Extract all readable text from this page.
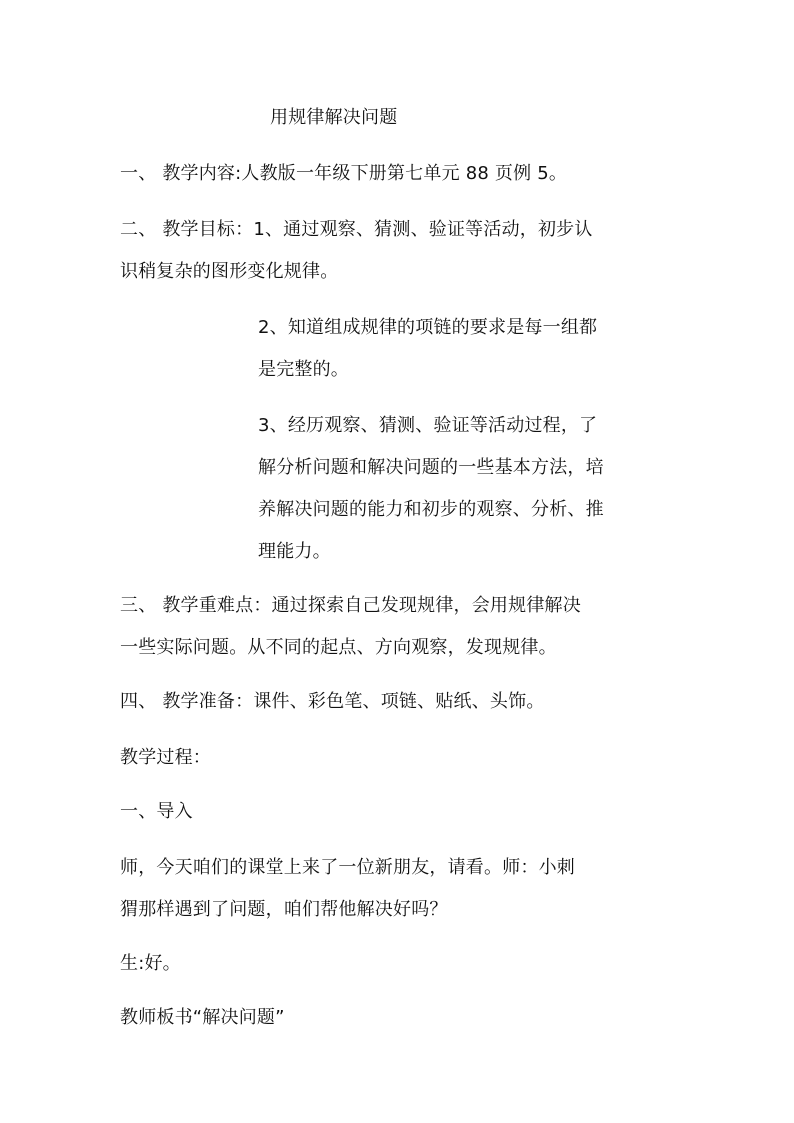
用规律解决问题
一、 教学内容:人教版一年级下册第七单元 88 页例 5。
二、 教学目标：1、通过观察、猜测、验证等活动，初步认
识稍复杂的图形变化规律。
2、知道组成规律的项链的要求是每一组都
是完整的。
3、经历观察、猜测、验证等活动过程，了
解分析问题和解决问题的一些基本方法，培
养解决问题的能力和初步的观察、分析、推
理能力。
三、 教学重难点：通过探索自己发现规律，会用规律解决
一些实际问题。从不同的起点、方向观察，发现规律。
四、 教学准备：课件、彩色笔、项链、贴纸、头饰。
教学过程：
一、导入
师，今天咱们的课堂上来了一位新朋友，请看。师：小刺
猬那样遇到了问题，咱们帮他解决好吗？
生:好。
教师板书“解决问题”
